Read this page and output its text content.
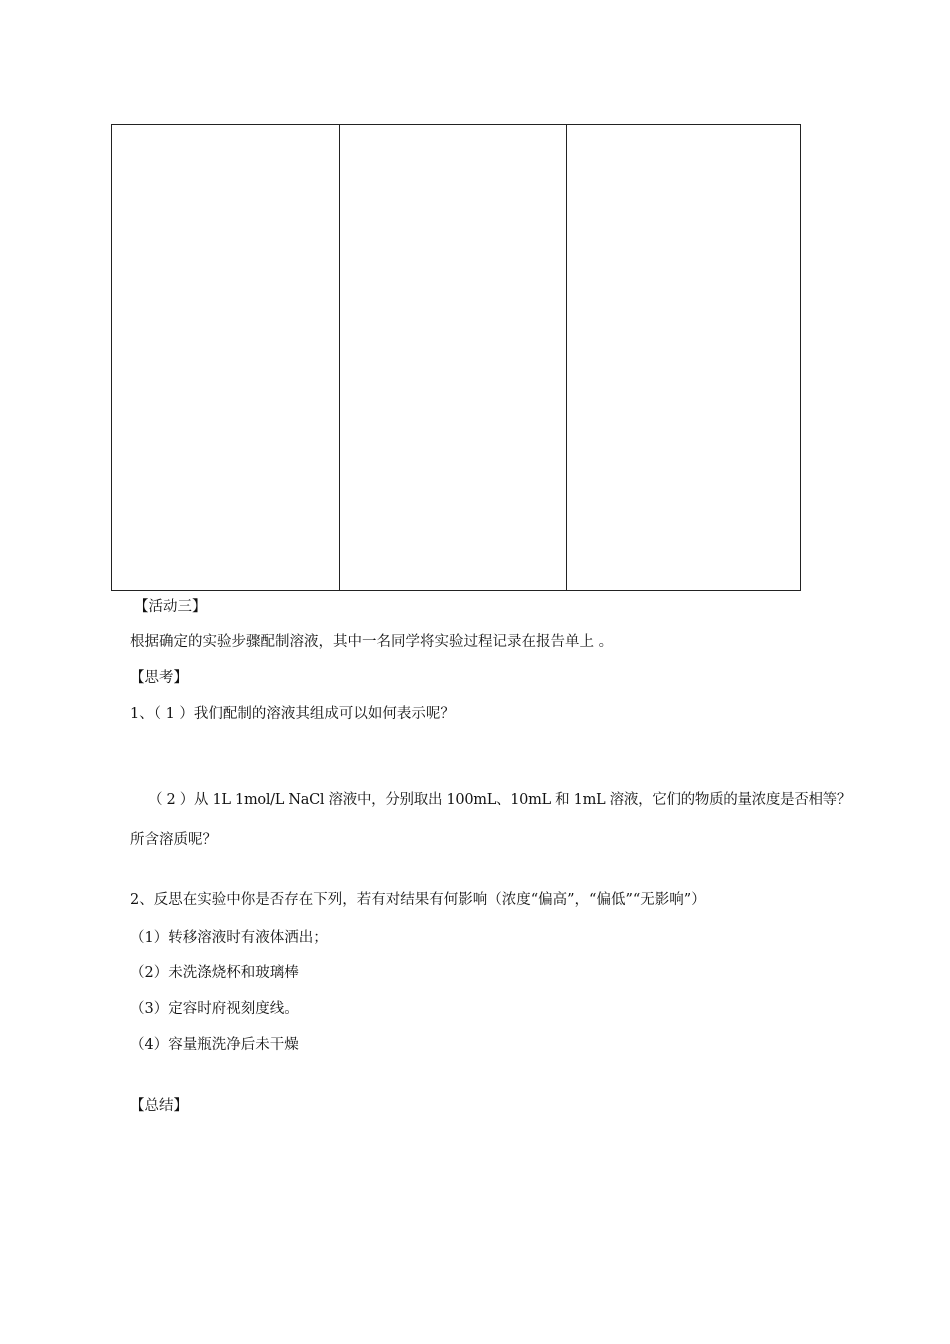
【活动三】
根据确定的实验步骤配制溶液，其中一名同学将实验过程记录在报告单上 。
【思考】
1、（ 1 ）我们配制的溶液其组成可以如何表示呢？
（ 2 ）从 1L 1mol/L NaCl 溶液中，分别取出 100mL、10mL 和 1mL 溶液，它们的物质的量浓度是否相等？
所含溶质呢？
2、反思在实验中你是否存在下列，若有对结果有何影响（浓度“偏高”，“偏低”“无影响”）
（1）转移溶液时有液体洒出；
（2）未洗涤烧杯和玻璃棒
（3）定容时府视刻度线。
（4）容量瓶洗净后未干燥
【总结】
